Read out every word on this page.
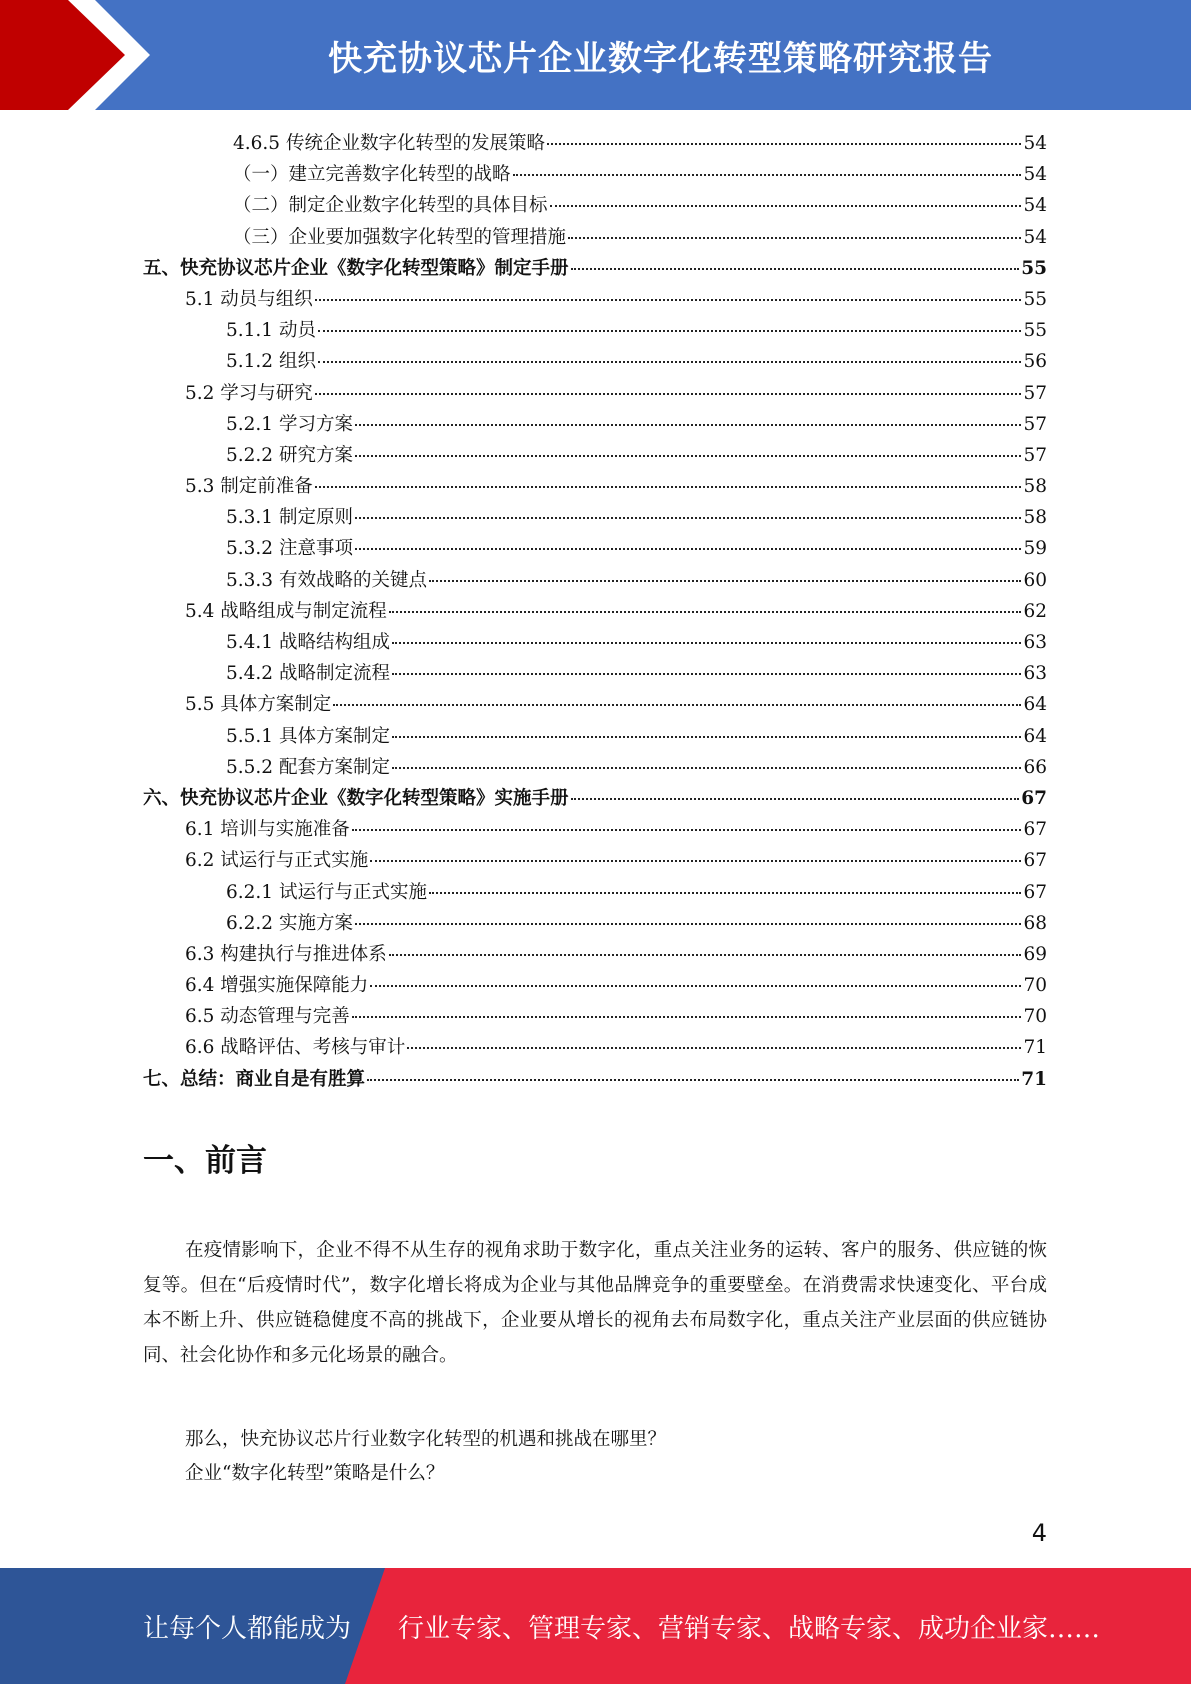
快充协议芯片企业数字化转型策略研究报告
4.6.5 传统企业数字化转型的发展策略	54
（一）建立完善数字化转型的战略	54
（二）制定企业数字化转型的具体目标	54
（三）企业要加强数字化转型的管理措施	54
五、快充协议芯片企业《数字化转型策略》制定手册	55
5.1 动员与组织	55
5.1.1 动员	55
5.1.2 组织	56
5.2 学习与研究	57
5.2.1 学习方案	57
5.2.2 研究方案	57
5.3 制定前准备	58
5.3.1 制定原则	58
5.3.2 注意事项	59
5.3.3 有效战略的关键点	60
5.4 战略组成与制定流程	62
5.4.1 战略结构组成	63
5.4.2 战略制定流程	63
5.5 具体方案制定	64
5.5.1 具体方案制定	64
5.5.2 配套方案制定	66
六、快充协议芯片企业《数字化转型策略》实施手册	67
6.1 培训与实施准备	67
6.2 试运行与正式实施	67
6.2.1 试运行与正式实施	67
6.2.2 实施方案	68
6.3 构建执行与推进体系	69
6.4 增强实施保障能力	70
6.5 动态管理与完善	70
6.6 战略评估、考核与审计	71
七、总结：商业自是有胜算	71
一、前言

在疫情影响下，企业不得不从生存的视角求助于数字化，重点关注业务的运转、客户的服务、供应链的恢复等。但在“后疫情时代”，数字化增长将成为企业与其他品牌竞争的重要壁垒。在消费需求快速变化、平台成本不断上升、供应链稳健度不高的挑战下，企业要从增长的视角去布局数字化，重点关注产业层面的供应链协同、社会化协作和多元化场景的融合。

那么，快充协议芯片行业数字化转型的机遇和挑战在哪里？

企业“数字化转型”策略是什么？

4
让每个人都能成为 行业专家、管理专家、营销专家、战略专家、成功企业家……
